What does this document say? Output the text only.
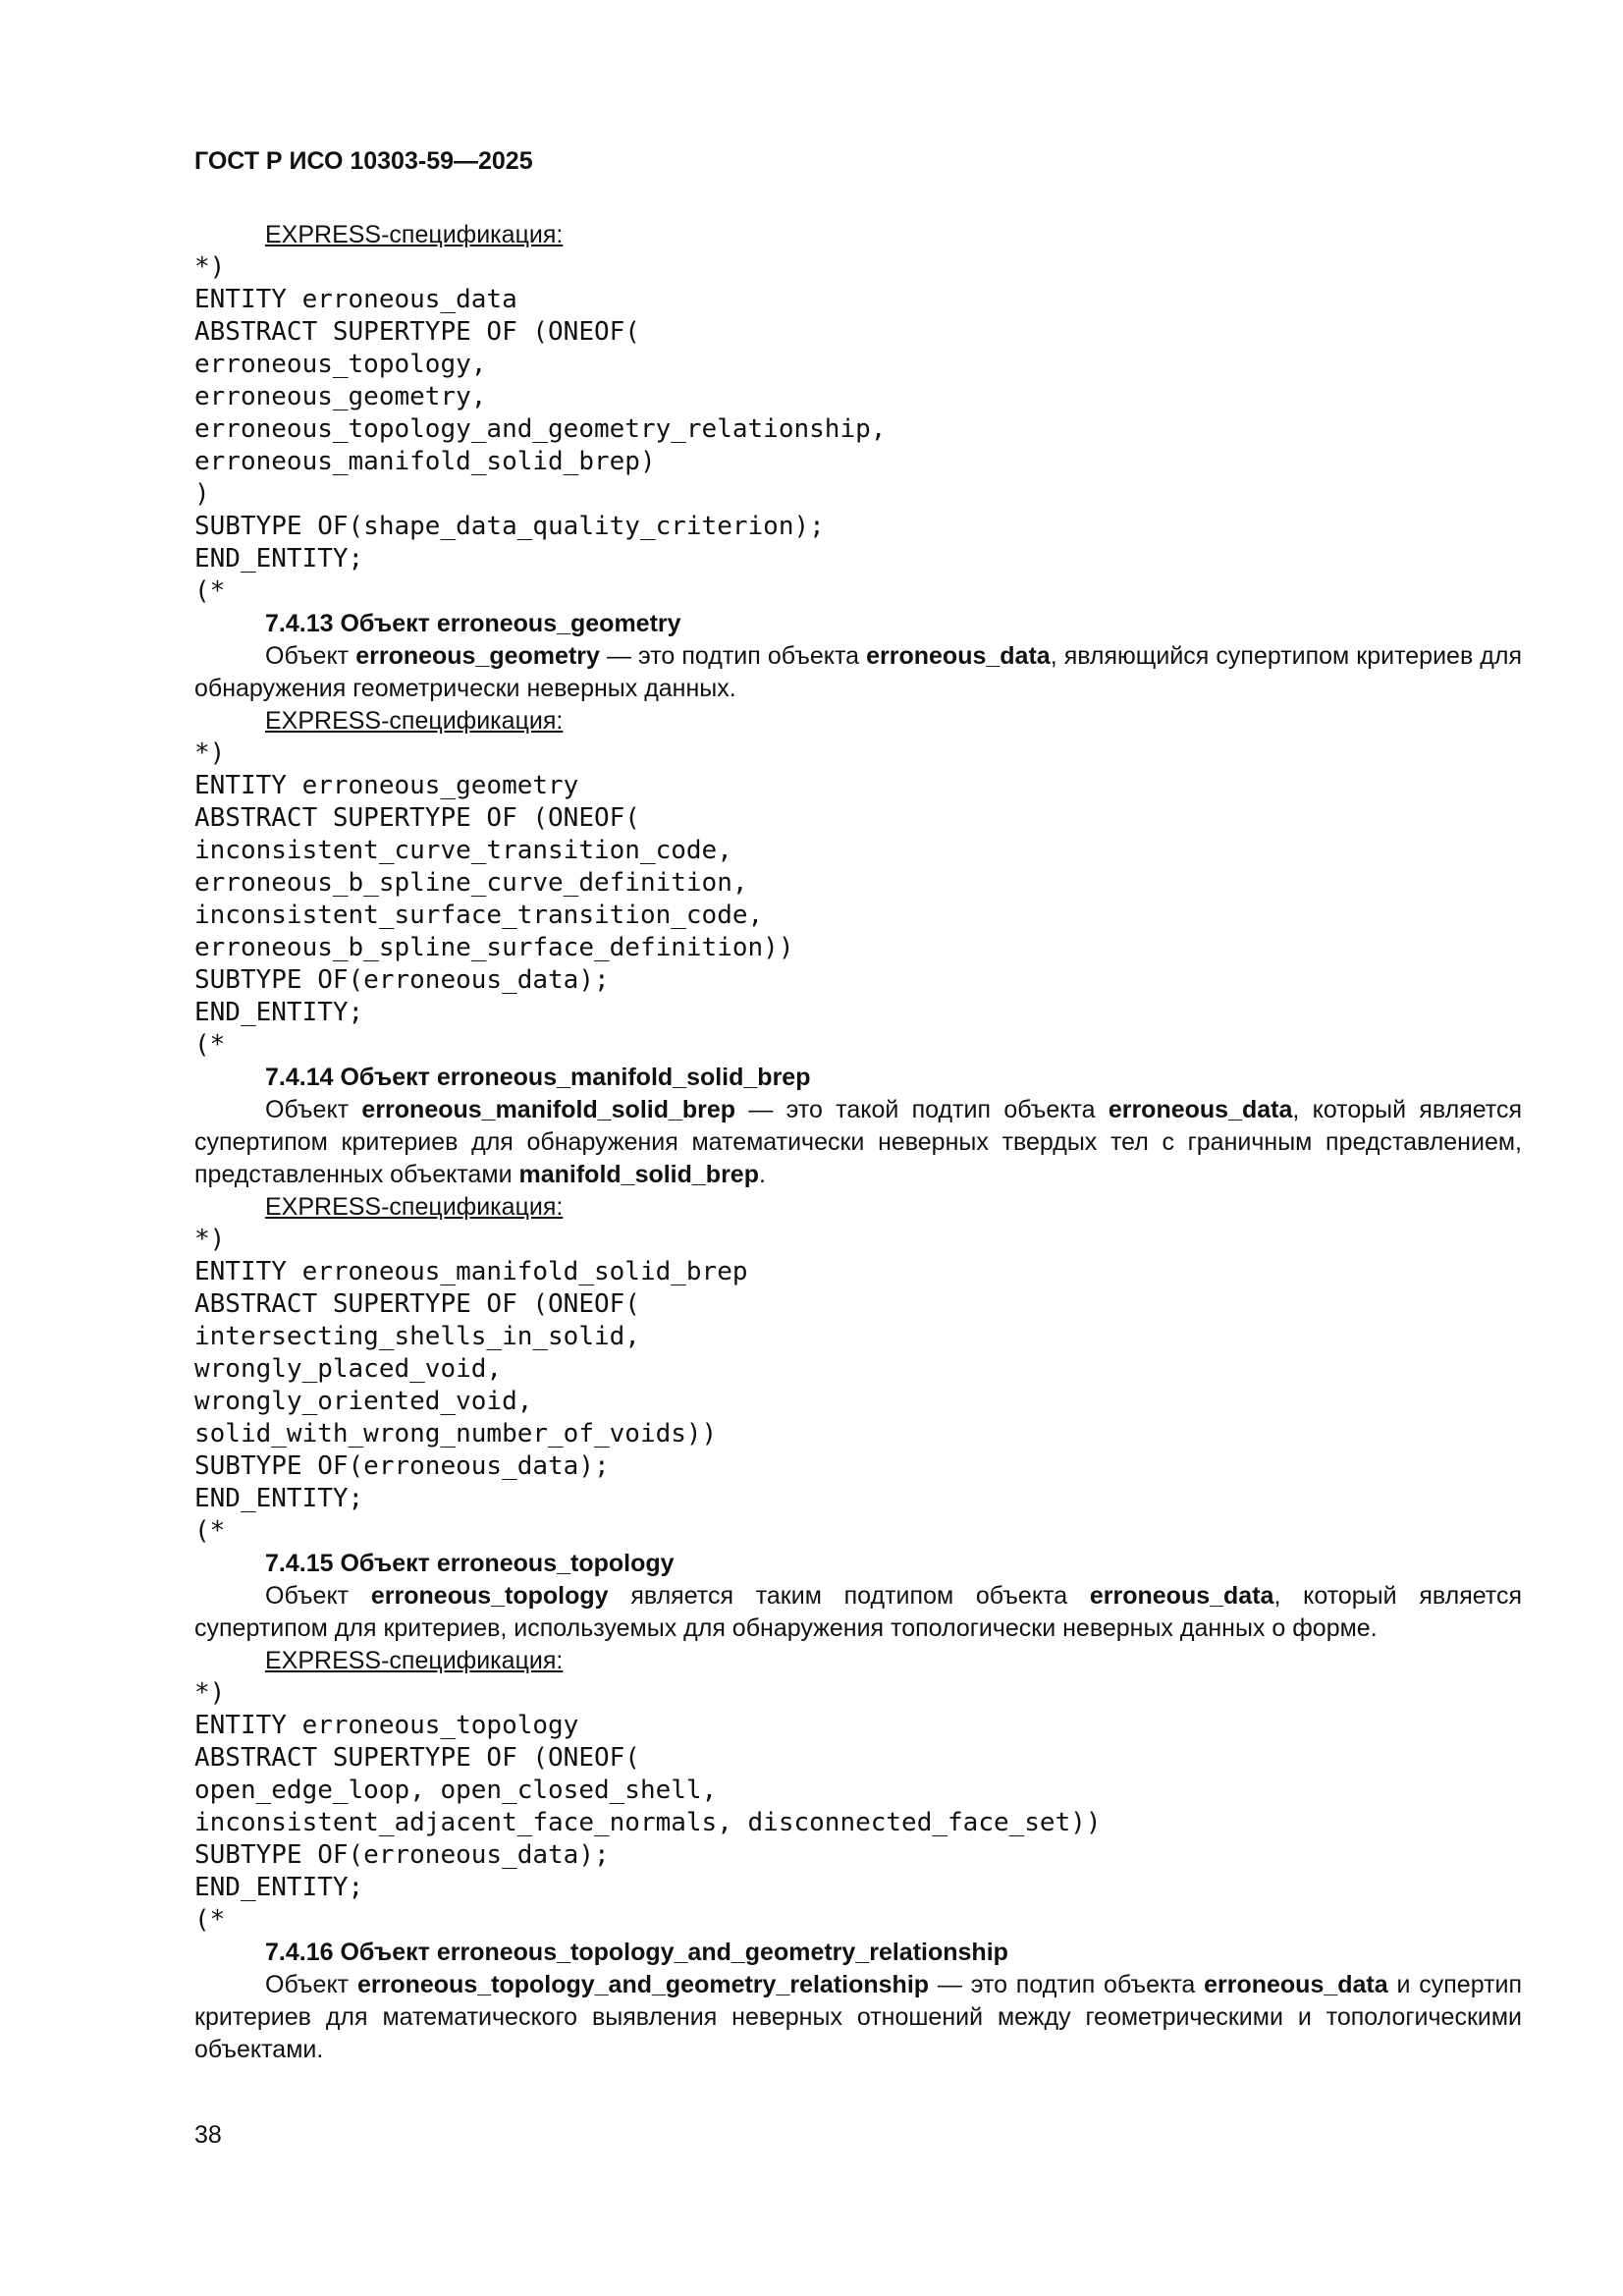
ГОСТ Р ИСО 10303-59—2025
EXPRESS-спецификация:
*)
ENTITY erroneous_data
ABSTRACT SUPERTYPE OF (ONEOF(
erroneous_topology,
erroneous_geometry,
erroneous_topology_and_geometry_relationship,
erroneous_manifold_solid_brep)
)
SUBTYPE OF(shape_data_quality_criterion);
END_ENTITY;
(*
7.4.13 Объект erroneous_geometry

Объект erroneous_geometry — это подтип объекта erroneous_data, являющийся супертипом критериев для обнаружения геометрически неверных данных.

EXPRESS-спецификация:
*)
ENTITY erroneous_geometry
ABSTRACT SUPERTYPE OF (ONEOF(
inconsistent_curve_transition_code,
erroneous_b_spline_curve_definition,
inconsistent_surface_transition_code,
erroneous_b_spline_surface_definition))
SUBTYPE OF(erroneous_data);
END_ENTITY;
(*
7.4.14 Объект erroneous_manifold_solid_brep

Объект erroneous_manifold_solid_brep — это такой подтип объекта erroneous_data, который является супертипом критериев для обнаружения математически неверных твердых тел с граничным представлением, представленных объектами manifold_solid_brep.

EXPRESS-спецификация:
*)
ENTITY erroneous_manifold_solid_brep
ABSTRACT SUPERTYPE OF (ONEOF(
intersecting_shells_in_solid,
wrongly_placed_void,
wrongly_oriented_void,
solid_with_wrong_number_of_voids))
SUBTYPE OF(erroneous_data);
END_ENTITY;
(*
7.4.15 Объект erroneous_topology

Объект erroneous_topology является таким подтипом объекта erroneous_data, который является супертипом для критериев, используемых для обнаружения топологически неверных данных о форме.

EXPRESS-спецификация:
*)
ENTITY erroneous_topology
ABSTRACT SUPERTYPE OF (ONEOF(
open_edge_loop, open_closed_shell,
inconsistent_adjacent_face_normals, disconnected_face_set))
SUBTYPE OF(erroneous_data);
END_ENTITY;
(*
7.4.16 Объект erroneous_topology_and_geometry_relationship

Объект erroneous_topology_and_geometry_relationship — это подтип объекта erroneous_data и супертип критериев для математического выявления неверных отношений между геометрическими и топологическими объектами.

38
